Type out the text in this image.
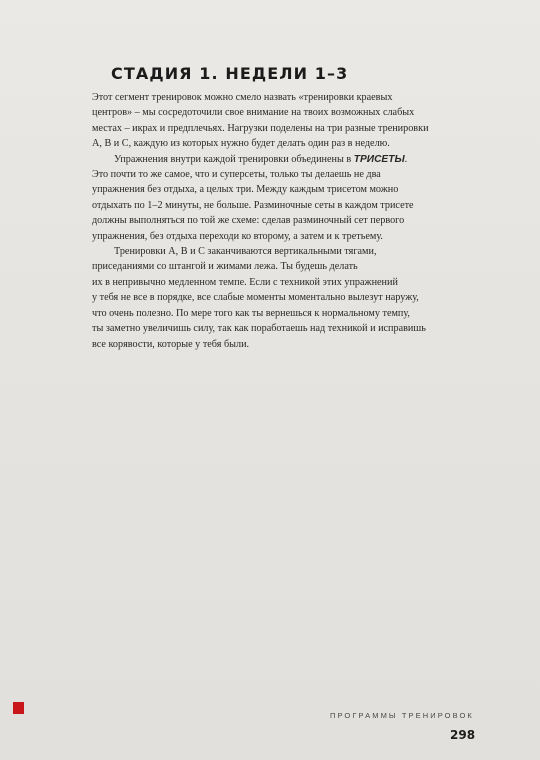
СТАДИЯ 1. НЕДЕЛИ 1–3

Этот сегмент тренировок можно смело назвать «тренировки краевых
центров» – мы сосредоточили свое внимание на твоих возможных слабых
местах – икрах и предплечьях. Нагрузки поделены на три разные тренировки
А, В и С, каждую из которых нужно будет делать один раз в неделю.

Упражнения внутри каждой тренировки объединены в ТРИСЕТЫ.
Это почти то же самое, что и суперсеты, только ты делаешь не два
упражнения без отдыха, а целых три. Между каждым трисетом можно
отдыхать по 1–2 минуты, не больше. Разминочные сеты в каждом трисете
должны выполняться по той же схеме: сделав разминочный сет первого
упражнения, без отдыха переходи ко второму, а затем и к третьему.

Тренировки А, В и С заканчиваются вертикальными тягами,
приседаниями со штангой и жимами лежа. Ты будешь делать
их в непривычно медленном темпе. Если с техникой этих упражнений
у тебя не все в порядке, все слабые моменты моментально вылезут наружу,
что очень полезно. По мере того как ты вернешься к нормальному темпу,
ты заметно увеличишь силу, так как поработаешь над техникой и исправишь
все корявости, которые у тебя были.

ПРОГРАММЫ ТРЕНИРОВОК
298
